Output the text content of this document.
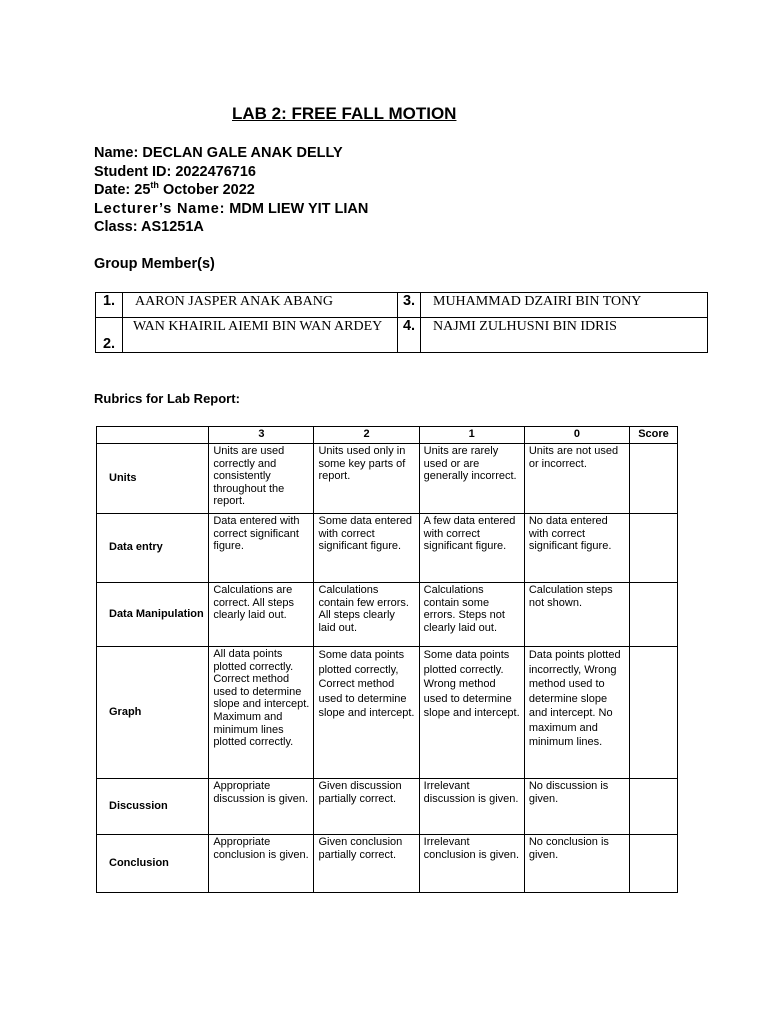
LAB 2: FREE FALL MOTION
Name: DECLAN GALE ANAK DELLY
Student ID: 2022476716
Date: 25th October 2022
Lecturer’s Name: MDM LIEW YIT LIAN
Class: AS1251A
Group Member(s)
1.	AARON JASPER ANAK ABANG	3.	MUHAMMAD DZAIRI BIN TONY
2.	WAN KHAIRIL AIEMI BIN WAN ARDEY	4.	NAJMI ZULHUSNI BIN IDRIS
Rubrics for Lab Report:
	3	2	1	0	Score
Units	Units are used correctly and consistently throughout the report.	Units used only in some key parts of report.	Units are rarely used or are generally incorrect.	Units are not used or incorrect.	
Data entry	Data entered with correct significant figure.	Some data entered with correct significant figure.	A few data entered with correct significant figure.	No data entered with correct significant figure.	
Data Manipulation	Calculations are correct. All steps clearly laid out.	Calculations contain few errors. All steps clearly laid out.	Calculations contain some errors. Steps not clearly laid out.	Calculation steps not shown.	
Graph	All data points plotted correctly. Correct method used to determine slope and intercept. Maximum and minimum lines plotted correctly.	Some data points plotted correctly, Correct method used to determine slope and intercept.	Some data points plotted correctly. Wrong method used to determine slope and intercept.	Data points plotted incorrectly, Wrong method used to determine slope and intercept. No maximum and minimum lines.	
Discussion	Appropriate discussion is given.	Given discussion partially correct.	Irrelevant discussion is given.	No discussion is given.	
Conclusion	Appropriate conclusion is given.	Given conclusion partially correct.	Irrelevant conclusion is given.	No conclusion is given.	
